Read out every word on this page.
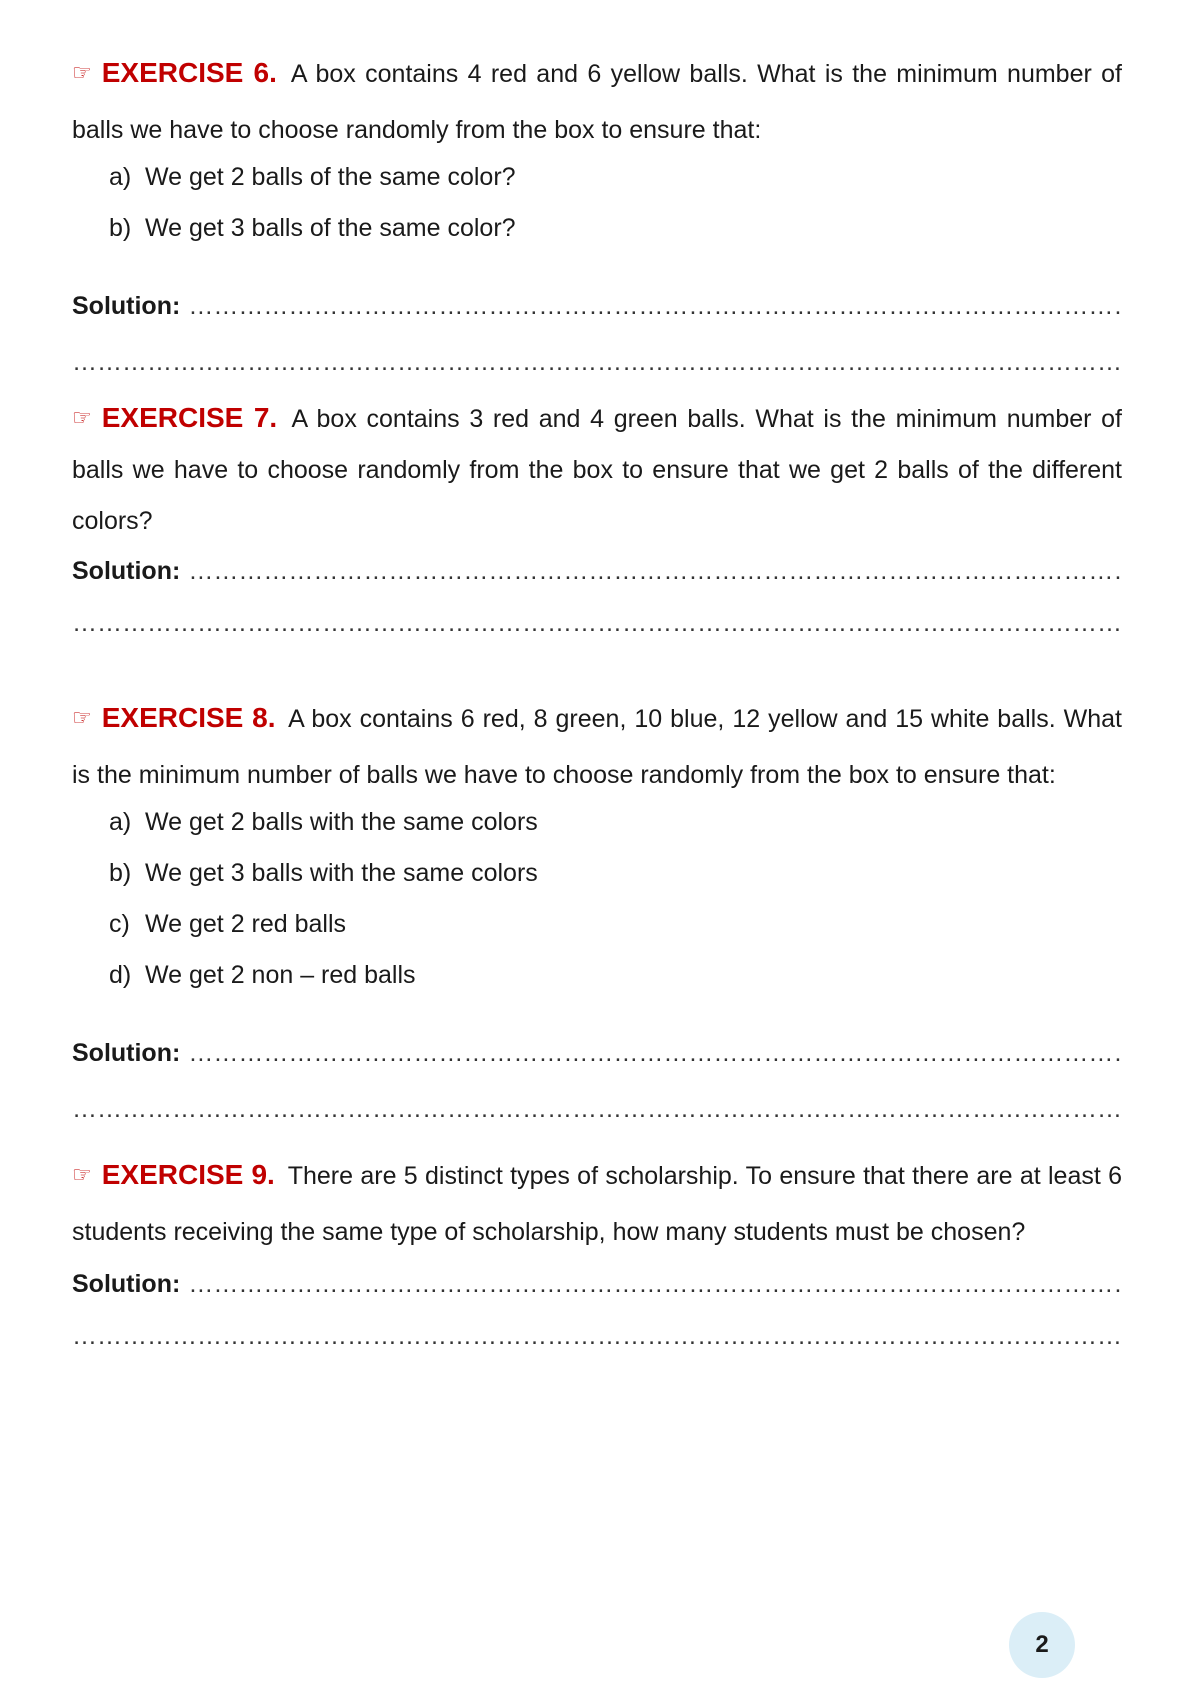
☞ EXERCISE 6. A box contains 4 red and 6 yellow balls. What is the minimum number of balls we have to choose randomly from the box to ensure that:

a) We get 2 balls of the same color?
b) We get 3 balls of the same color?
Solution:
…………………………………………………………………………………………………………………………………………………………………………………………………………………………………………………………
…………………………………………………………………………………………………………………………………………………………………………………………………………………………………………………………

☞ EXERCISE 7. A box contains 3 red and 4 green balls. What is the minimum number of balls we have to choose randomly from the box to ensure that we get 2 balls of the different colors?

Solution:
…………………………………………………………………………………………………………………………………………………………………………………………………………………………………………………………
…………………………………………………………………………………………………………………………………………………………………………………………………………………………………………………………

☞ EXERCISE 8. A box contains 6 red, 8 green, 10 blue, 12 yellow and 15 white balls. What is the minimum number of balls we have to choose randomly from the box to ensure that:

a) We get 2 balls with the same colors
b) We get 3 balls with the same colors
c) We get 2 red balls
d) We get 2 non – red balls
Solution:
…………………………………………………………………………………………………………………………………………………………………………………………………………………………………………………………
…………………………………………………………………………………………………………………………………………………………………………………………………………………………………………………………

☞ EXERCISE 9. There are 5 distinct types of scholarship. To ensure that there are at least 6 students receiving the same type of scholarship, how many students must be chosen?

Solution:
…………………………………………………………………………………………………………………………………………………………………………………………………………………………………………………………
…………………………………………………………………………………………………………………………………………………………………………………………………………………………………………………………
2
